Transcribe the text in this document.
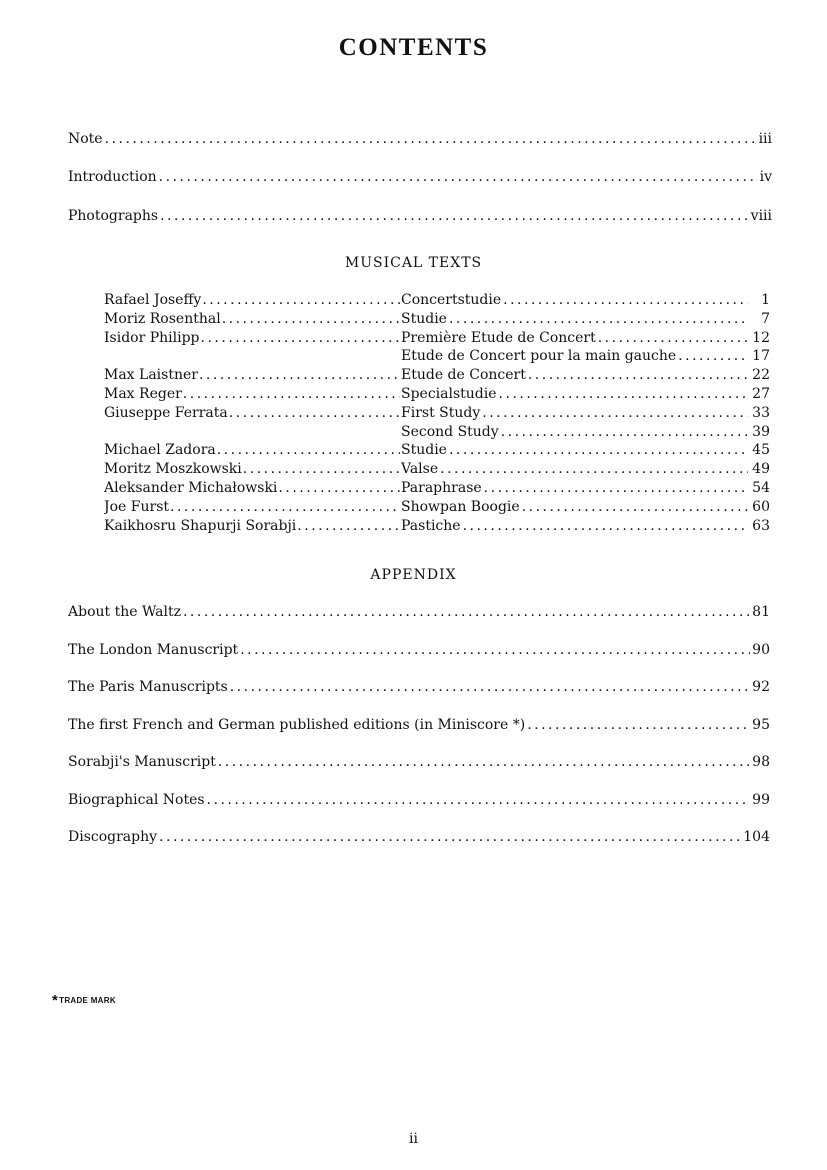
CONTENTS
Note .....	iii
Introduction .....	iv
Photographs .....	viii
MUSICAL TEXTS
Rafael Joseffy .....	Concertstudie .....	1
Moriz Rosenthal .....	Studie .....	7
Isidor Philipp .....	Première Etude de Concert .....	12
Etude de Concert pour la main gauche .....	17
Max Laistner .....	Etude de Concert .....	22
Max Reger .....	Specialstudie .....	27
Giuseppe Ferrata .....	First Study .....	33
Second Study .....	39
Michael Zadora .....	Studie .....	45
Moritz Moszkowski .....	Valse .....	49
Aleksander Michałowski .....	Paraphrase .....	54
Joe Furst .....	Showpan Boogie .....	60
Kaikhosru Shapurji Sorabji .....	Pastiche .....	63
APPENDIX
About the Waltz .....	81
The London Manuscript .....	90
The Paris Manuscripts .....	92
The first French and German published editions (in Miniscore *) .....	95
Sorabji's Manuscript .....	98
Biographical Notes .....	99
Discography .....	104
*TRADE MARK
ii
